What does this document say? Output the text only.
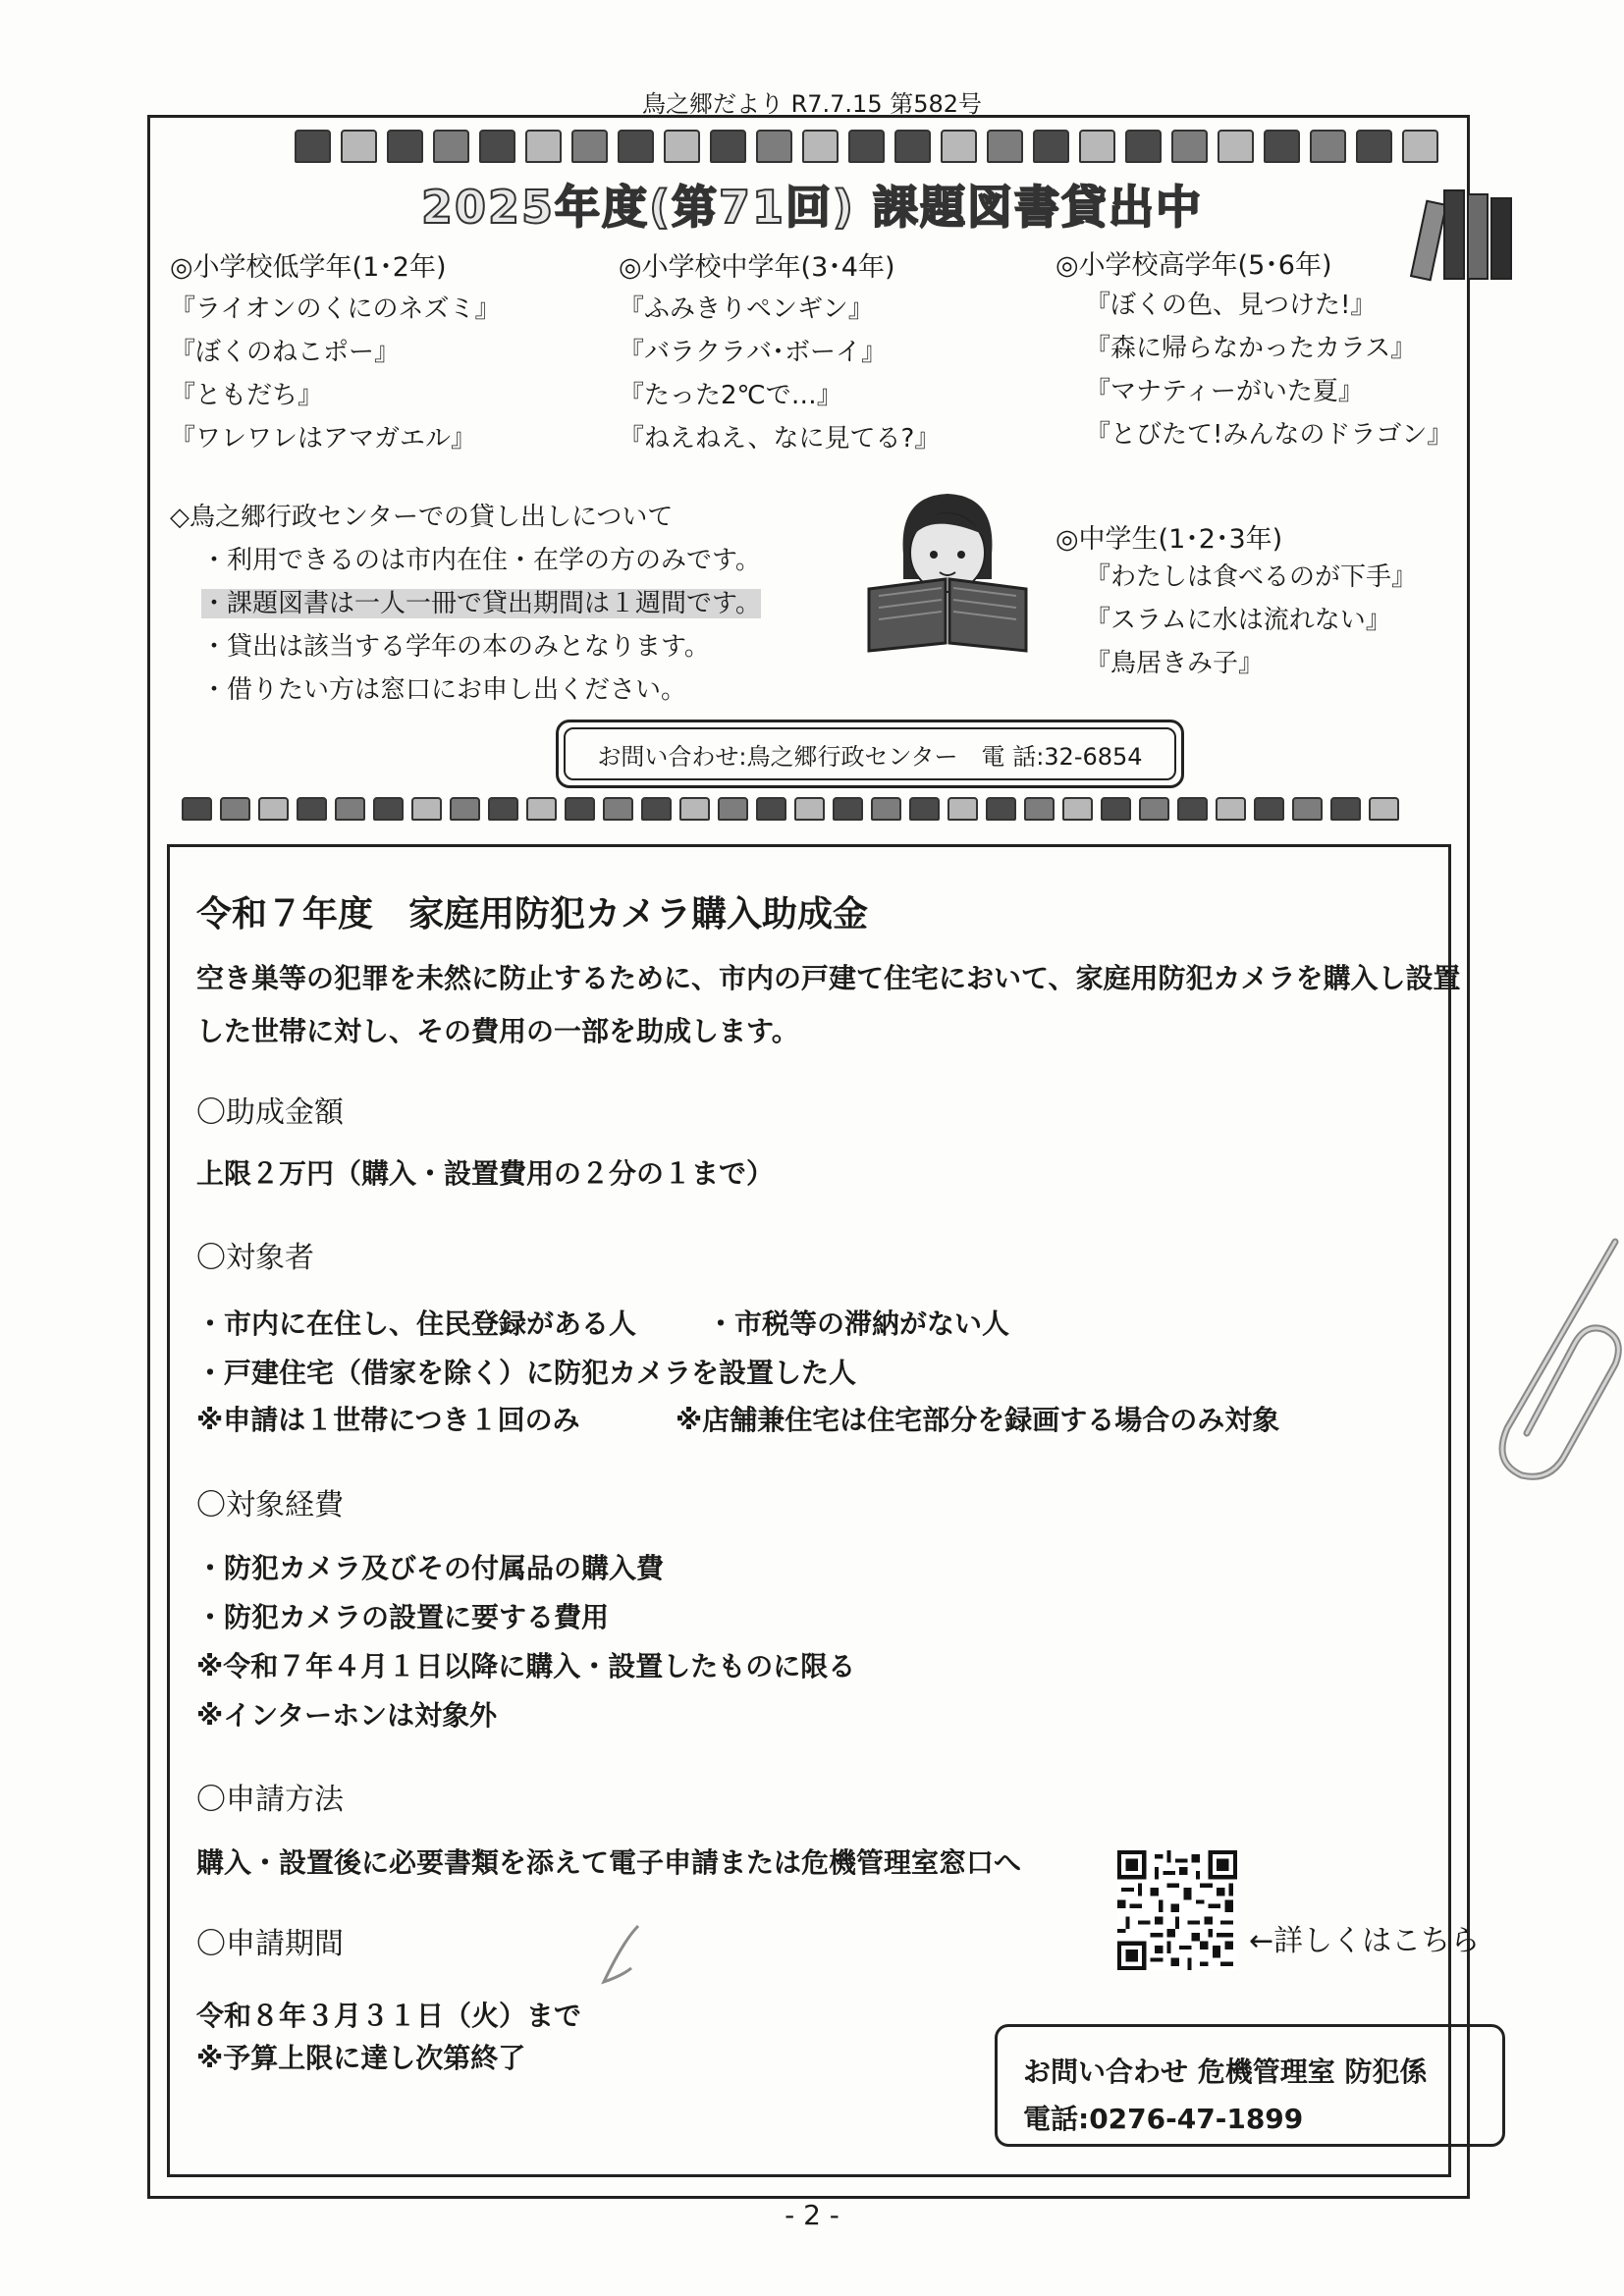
鳥之郷だより R7.7.15 第582号
2025年度(第71回) 課題図書貸出中
◎小学校低学年(1･2年)
『ライオンのくにのネズミ』
『ぼくのねこポー』
『ともだち』
『ワレワレはアマガエル』
◎小学校中学年(3･4年)
『ふみきりペンギン』
『バラクラバ･ボーイ』
『たった2℃で…』
『ねえねえ、なに見てる?』
◎小学校高学年(5･6年)
『ぼくの色、見つけた!』
『森に帰らなかったカラス』
『マナティーがいた夏』
『とびたて!みんなのドラゴン』
◇鳥之郷行政センターでの貸し出しについて
・利用できるのは市内在住・在学の方のみです。
・課題図書は一人一冊で貸出期間は１週間です。
・貸出は該当する学年の本のみとなります。
・借りたい方は窓口にお申し出ください。
◎中学生(1･2･3年)
『わたしは食べるのが下手』
『スラムに水は流れない』
『鳥居きみ子』
お問い合わせ:鳥之郷行政センター　電 話:32-6854
令和７年度　家庭用防犯カメラ購入助成金
空き巣等の犯罪を未然に防止するために、市内の戸建て住宅において、家庭用防犯カメラを購入し設置
した世帯に対し、その費用の一部を助成します。
〇助成金額
上限２万円（購入・設置費用の２分の１まで）
〇対象者
・市内に在住し、住民登録がある人	・市税等の滞納がない人
・戸建住宅（借家を除く）に防犯カメラを設置した人
※申請は１世帯につき１回のみ	※店舗兼住宅は住宅部分を録画する場合のみ対象
〇対象経費
・防犯カメラ及びその付属品の購入費
・防犯カメラの設置に要する費用
※令和７年４月１日以降に購入・設置したものに限る
※インターホンは対象外
〇申請方法
購入・設置後に必要書類を添えて電子申請または危機管理室窓口へ
←詳しくはこちら
〇申請期間
令和８年３月３１日（火）まで
※予算上限に達し次第終了	お問い合わせ 危機管理室 防犯係
電話:0276-47-1899
- 2 -
